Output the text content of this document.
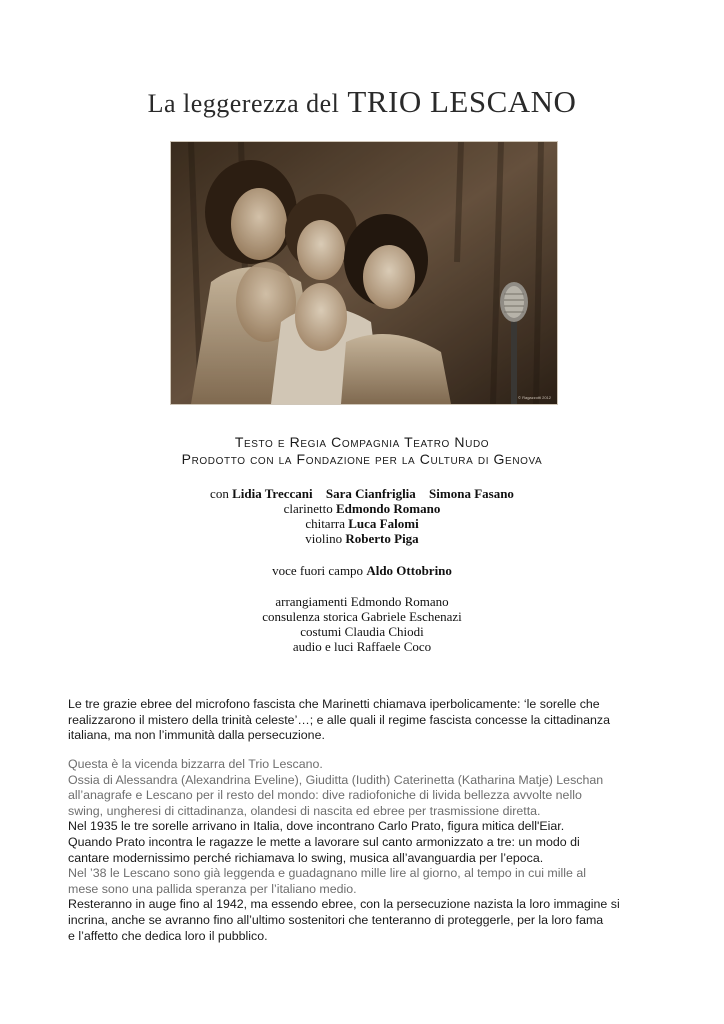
La leggerezza del TRIO LESCANO
© Ragazzotti 2012
Testo e Regia Compagnia Teatro Nudo
Prodotto con la Fondazione per la Cultura di Genova
con Lidia Treccani Sara Cianfriglia Simona Fasano
clarinetto Edmondo Romano
chitarra Luca Falomi
violino Roberto Piga
voce fuori campo Aldo Ottobrino
arrangiamenti Edmondo Romano
consulenza storica Gabriele Eschenazi
costumi Claudia Chiodi
audio e luci Raffaele Coco

Le tre grazie ebree del microfono fascista che Marinetti chiamava iperbolicamente: ‘le sorelle che

realizzarono il mistero della trinità celeste’…; e alle quali il regime fascista concesse la cittadinanza

italiana, ma non l’immunità dalla persecuzione.

Questa è la vicenda bizzarra del Trio Lescano.

Ossia di Alessandra (Alexandrina Eveline), Giuditta (Iudith) Caterinetta (Katharina Matje) Leschan

all’anagrafe e Lescano per il resto del mondo: dive radiofoniche di livida bellezza avvolte nello

swing, ungheresi di cittadinanza, olandesi di nascita ed ebree per trasmissione diretta.

Nel 1935 le tre sorelle arrivano in Italia, dove incontrano Carlo Prato, figura mitica dell'Eiar.

Quando Prato incontra le ragazze le mette a lavorare sul canto armonizzato a tre: un modo di

cantare modernissimo perché richiamava lo swing, musica all’avanguardia per l’epoca.

Nel ’38 le Lescano sono già leggenda e guadagnano mille lire al giorno, al tempo in cui mille al

mese sono una pallida speranza per l’italiano medio.

Resteranno in auge fino al 1942, ma essendo ebree, con la persecuzione nazista la loro immagine si

incrina, anche se avranno fino all’ultimo sostenitori che tenteranno di proteggerle, per la loro fama

e l’affetto che dedica loro il pubblico.
